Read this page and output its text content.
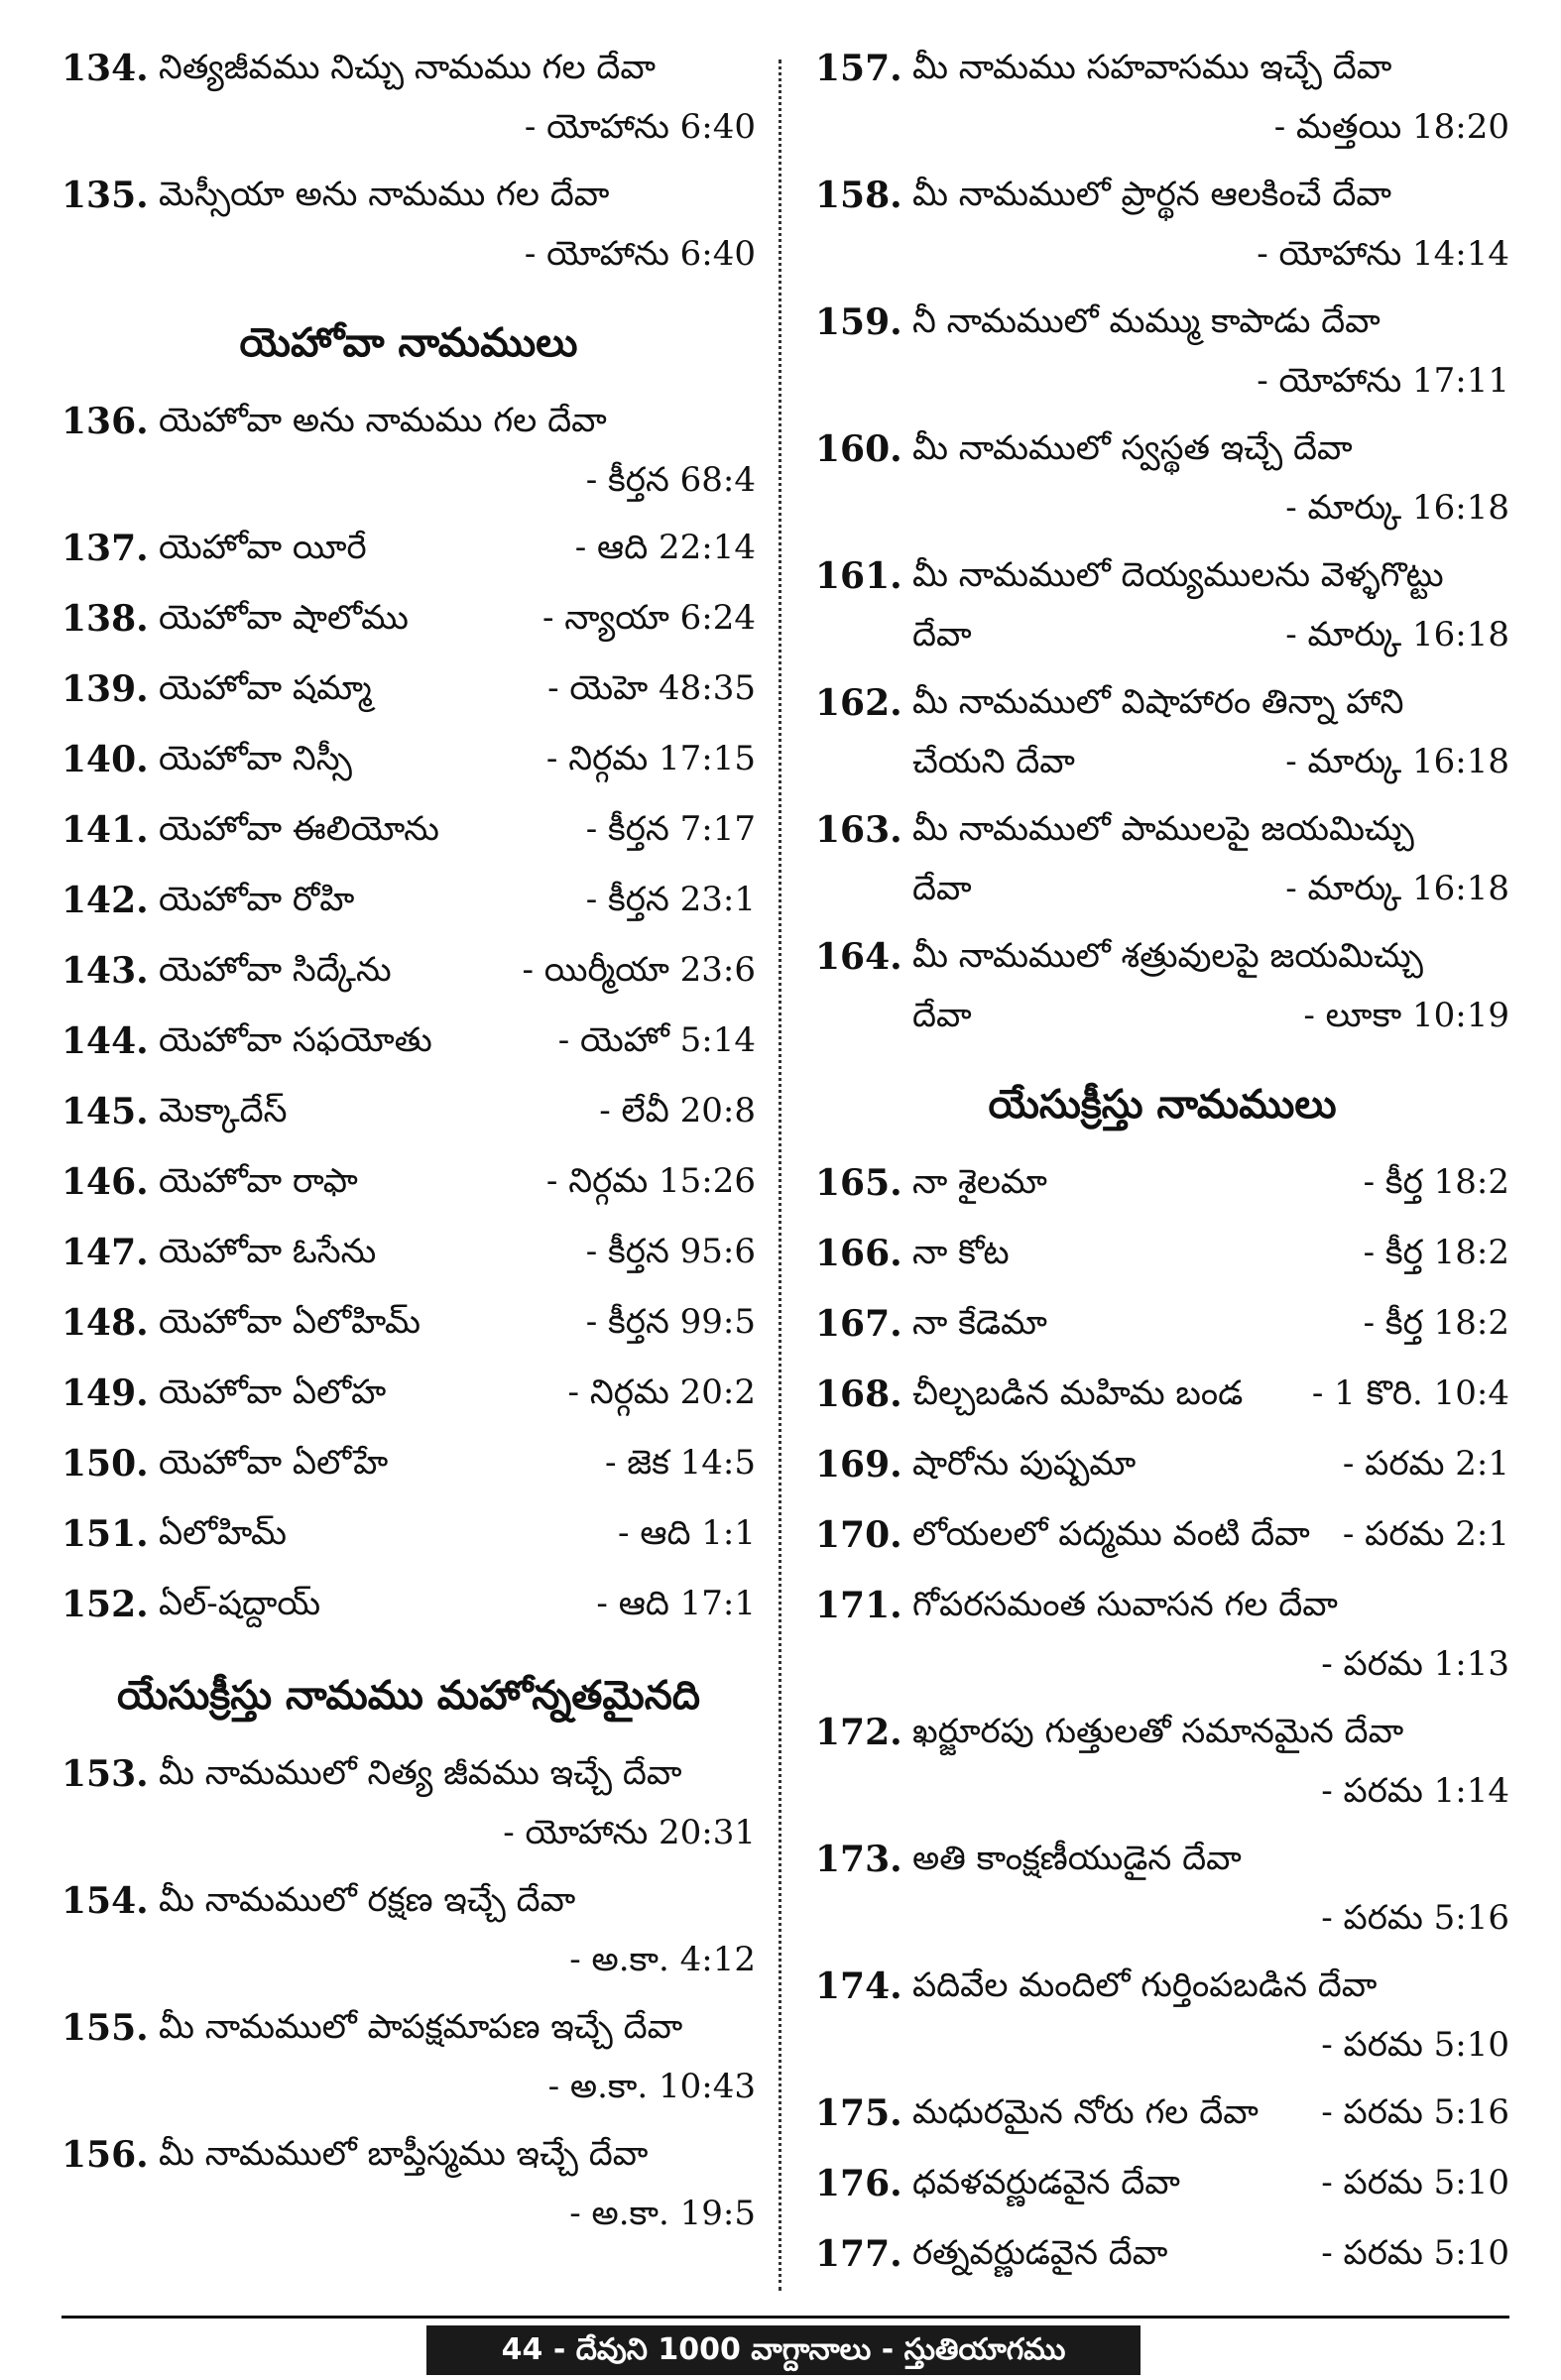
134. నిత్యజీవము నిచ్చు నామము గల దేవా
- యోహాను 6:40
135. మెస్సీయా అను నామము గల దేవా
- యోహాను 6:40
యెహోవా నామములు
136. యెహోవా అను నామము గల దేవా
- కీర్తన 68:4
137. యెహోవా యీరే	- ఆది 22:14
138. యెహోవా షాలోము	- న్యాయా 6:24
139. యెహోవా షమ్మా	- యెహె 48:35
140. యెహోవా నిస్సీ	- నిర్గమ 17:15
141. యెహోవా ఈలియోను	- కీర్తన 7:17
142. యెహోవా రోహి	- కీర్తన 23:1
143. యెహోవా సిద్కేను	- యిర్మీయా 23:6
144. యెహోవా సఫయోతు	- యెహో 5:14
145. మెక్కాదేస్	- లేవీ 20:8
146. యెహోవా రాఫా	- నిర్గమ 15:26
147. యెహోవా ఓసేను	- కీర్తన 95:6
148. యెహోవా ఏలోహిమ్	- కీర్తన 99:5
149. యెహోవా ఏలోహ	- నిర్గమ 20:2
150. యెహోవా ఏలోహే	- జెక 14:5
151. ఏలోహిమ్	- ఆది 1:1
152. ఏల్-షద్దాయ్	- ఆది 17:1
యేసుక్రీస్తు నామము మహోన్నతమైనది
153. మీ నామములో నిత్య జీవము ఇచ్చే దేవా
- యోహాను 20:31
154. మీ నామములో రక్షణ ఇచ్చే దేవా
- అ.కా. 4:12
155. మీ నామములో పాపక్షమాపణ ఇచ్చే దేవా
- అ.కా. 10:43
156. మీ నామములో బాప్తీస్మము ఇచ్చే దేవా
- అ.కా. 19:5
157. మీ నామము సహవాసము ఇచ్చే దేవా
- మత్తయి 18:20
158. మీ నామములో ప్రార్థన ఆలకించే దేవా
- యోహాను 14:14
159. నీ నామములో మమ్ము కాపాడు దేవా
- యోహాను 17:11
160. మీ నామములో స్వస్థత ఇచ్చే దేవా
- మార్కు 16:18
161. మీ నామములో దెయ్యములను వెళ్ళగొట్టు
దేవా	- మార్కు 16:18
162. మీ నామములో విషాహారం తిన్నా హాని
చేయని దేవా	- మార్కు 16:18
163. మీ నామములో పాములపై జయమిచ్చు
దేవా	- మార్కు 16:18
164. మీ నామములో శత్రువులపై జయమిచ్చు
దేవా	- లూకా 10:19
యేసుక్రీస్తు నామములు
165. నా శైలమా	- కీర్త 18:2
166. నా కోట	- కీర్త 18:2
167. నా కేడెమా	- కీర్త 18:2
168. చీల్చబడిన మహిమ బండ - 1 కొరి. 10:4
169. షారోను పుష్పమా	- పరమ 2:1
170. లోయలలో పద్మము వంటి దేవా - పరమ 2:1
171. గోపరసమంత సువాసన గల దేవా
- పరమ 1:13
172. ఖర్జూరపు గుత్తులతో సమానమైన దేవా
- పరమ 1:14
173. అతి కాంక్షణీయుడైన దేవా
- పరమ 5:16
174. పదివేల మందిలో గుర్తింపబడిన దేవా
- పరమ 5:10
175. మధురమైన నోరు గల దేవా - పరమ 5:16
176. ధవళవర్ణుడవైన దేవా	- పరమ 5:10
177. రత్నవర్ణుడవైన దేవా	- పరమ 5:10
44 - దేవుని 1000 వాగ్దానాలు - స్తుతియాగము
